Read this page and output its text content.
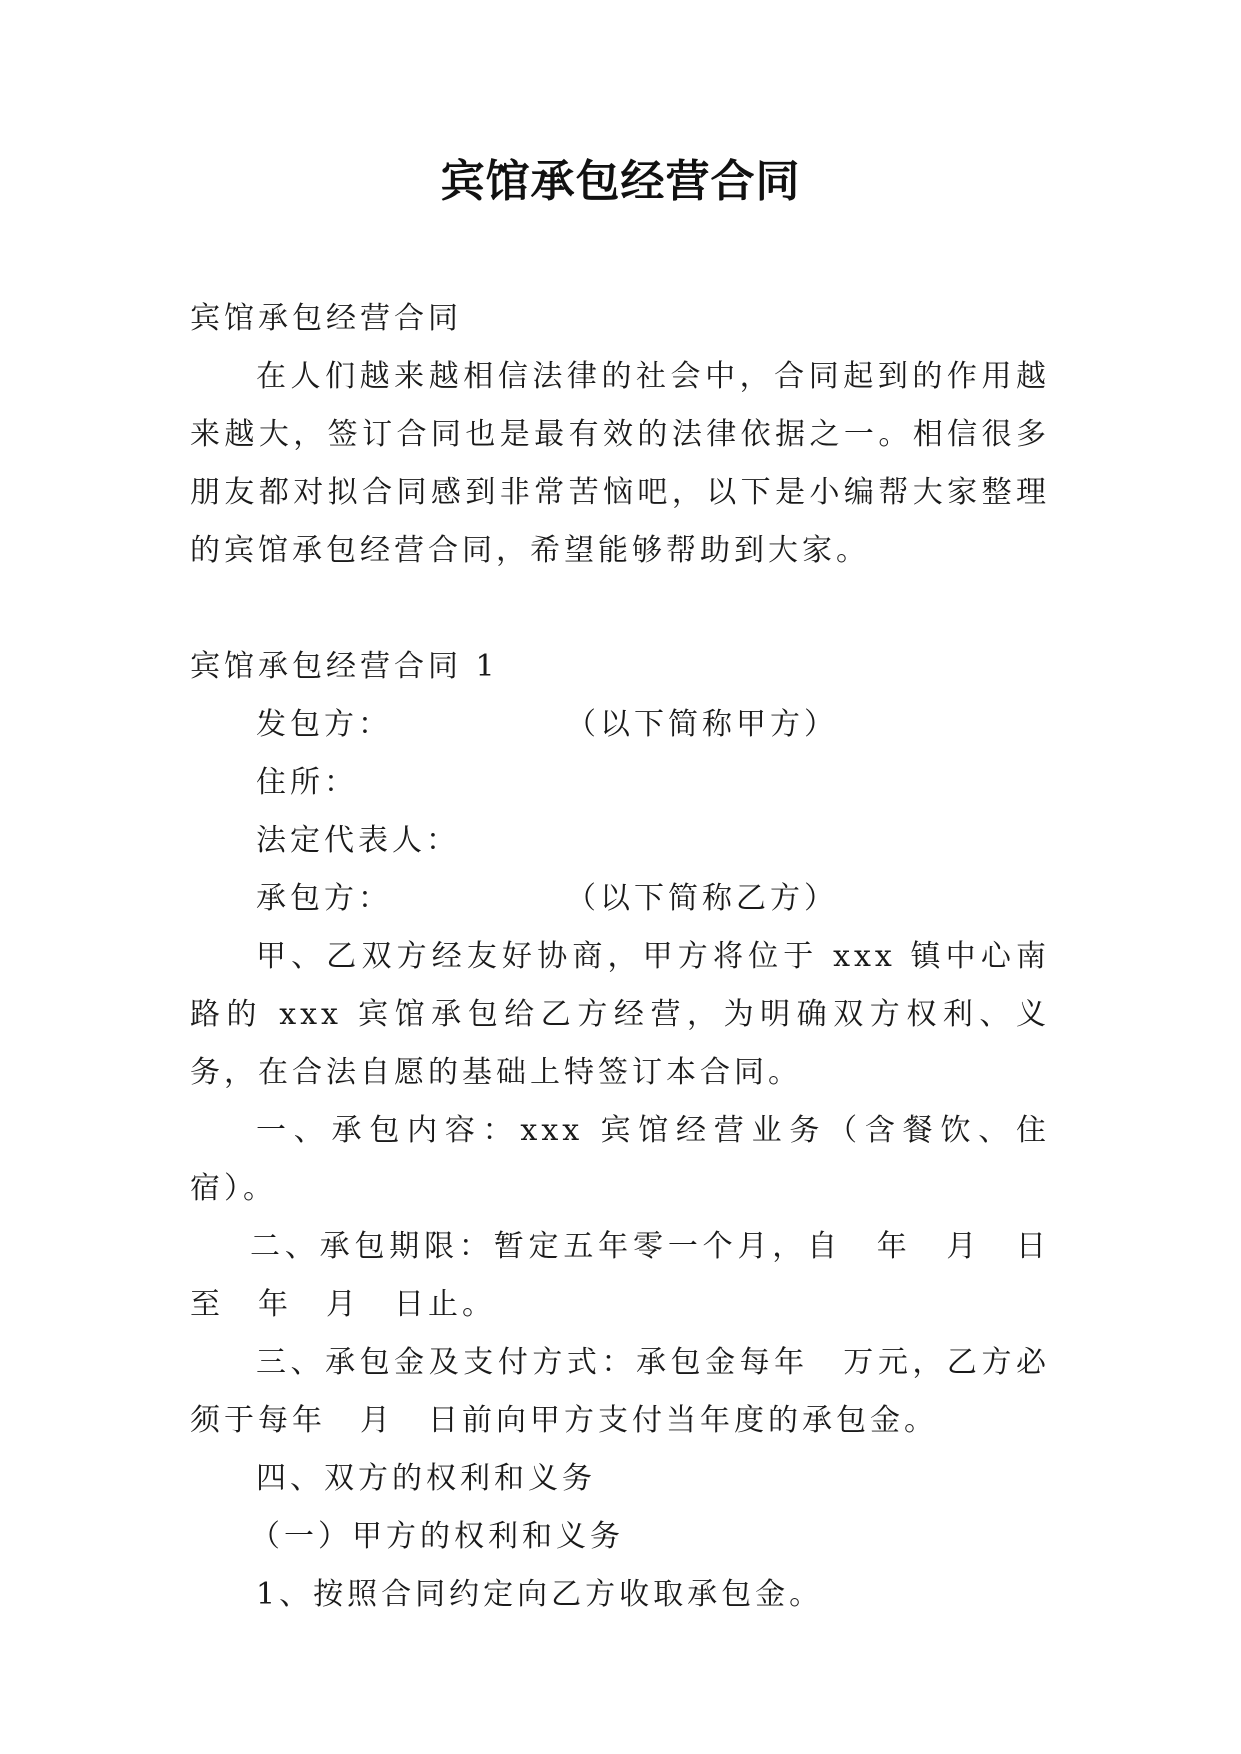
宾馆承包经营合同

宾馆承包经营合同

在人们越来越相信法律的社会中，合同起到的作用越来越大，签订合同也是最有效的法律依据之一。相信很多朋友都对拟合同感到非常苦恼吧，以下是小编帮大家整理的宾馆承包经营合同，希望能够帮助到大家。

宾馆承包经营合同 1

发包方：　　　　　　（以下简称甲方）

住所：

法定代表人：

承包方：　　　　　　（以下简称乙方）

甲、乙双方经友好协商，甲方将位于 xxx 镇中心南路的 xxx 宾馆承包给乙方经营，为明确双方权利、义务，在合法自愿的基础上特签订本合同。

一、承包内容：xxx 宾馆经营业务（含餐饮、住宿）。

二、承包期限：暂定五年零一个月，自　年　月　日至　年　月　日止。

三、承包金及支付方式：承包金每年　万元，乙方必须于每年　月　日前向甲方支付当年度的承包金。

四、双方的权利和义务

（一）甲方的权利和义务

1、按照合同约定向乙方收取承包金。
